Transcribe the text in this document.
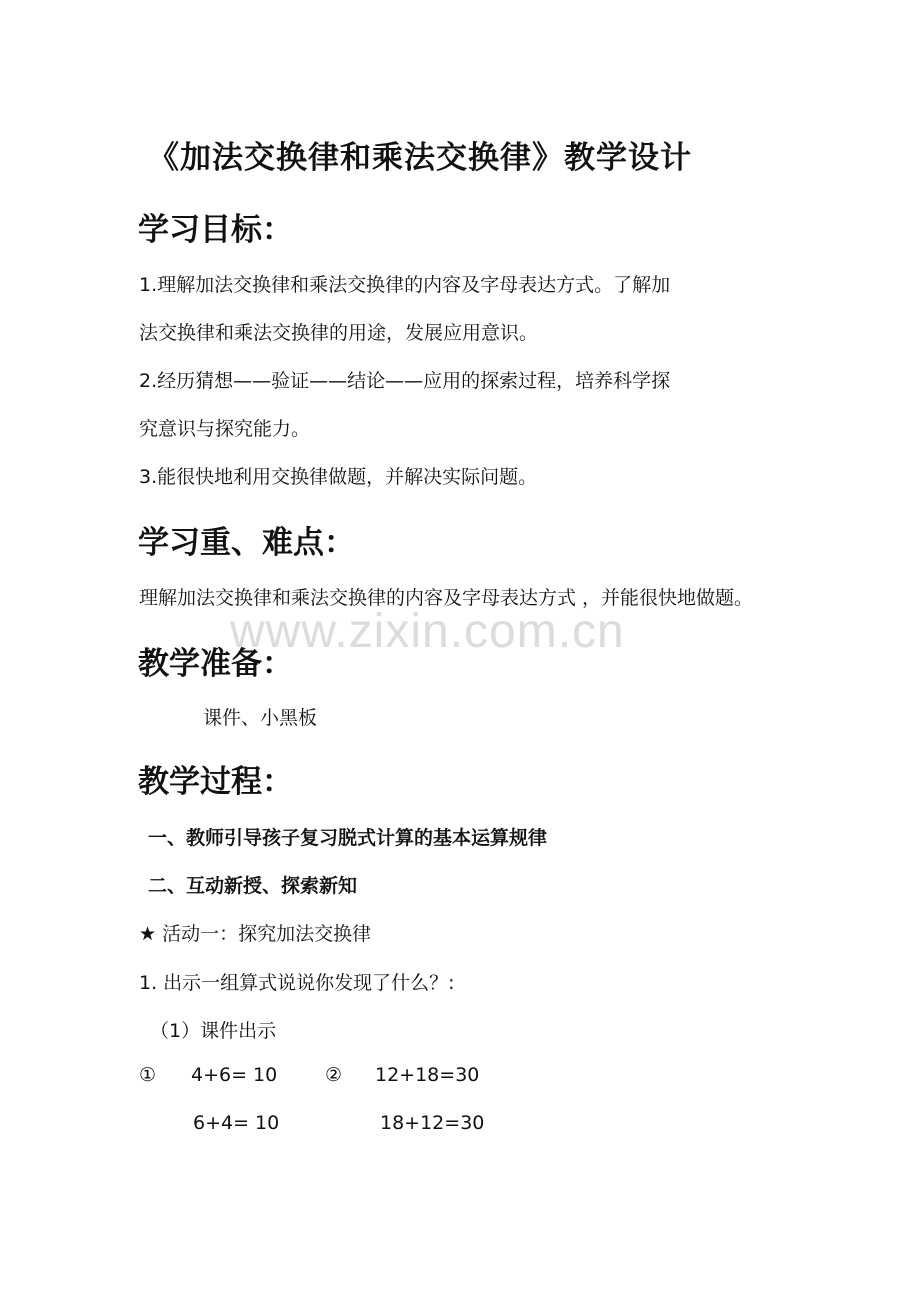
www.zixin.com.cn
《加法交换律和乘法交换律》教学设计
学习目标：
1.理解加法交换律和乘法交换律的内容及字母表达方式。了解加
法交换律和乘法交换律的用途，发展应用意识。
2.经历猜想——验证——结论——应用的探索过程，培养科学探
究意识与探究能力。
3.能很快地利用交换律做题，并解决实际问题。
学习重、难点：
理解加法交换律和乘法交换律的内容及字母表达方式 ，并能很快地做题。
教学准备：
课件、小黑板
教学过程：
一、教师引导孩子复习脱式计算的基本运算规律
二、互动新授、探索新知
★ 活动一：探究加法交换律
1. 出示一组算式说说你发现了什么？:
（1）课件出示
① 4+6= 10	② 12+18=30
6+4= 10	18+12=30
